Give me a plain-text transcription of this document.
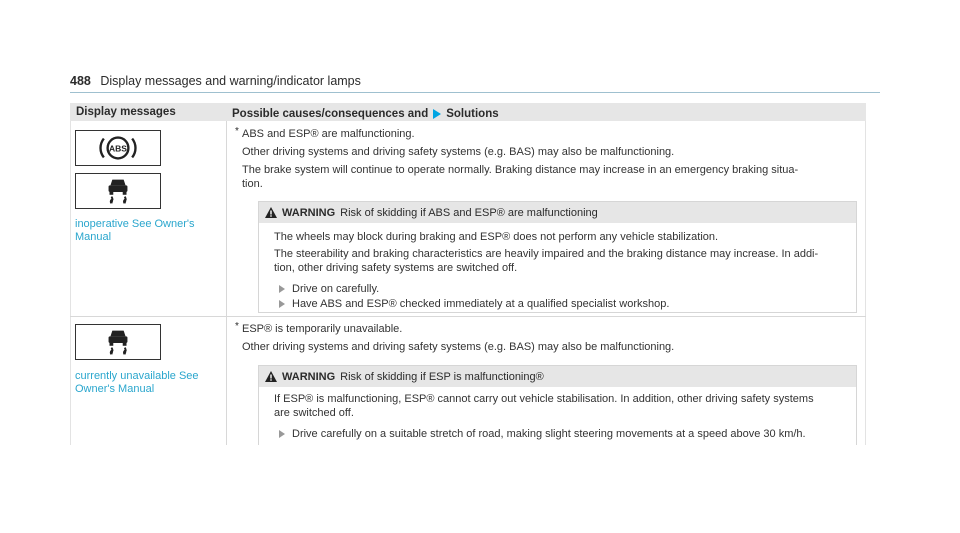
488 Display messages and warning/indicator lamps
Display messages	Possible causes/consequences and Solutions
ABS
inoperative See Owner's
Manual
* ABS and ESP® are malfunctioning.
Other driving systems and driving safety systems (e.g. BAS) may also be malfunctioning.
The brake system will continue to operate normally. Braking distance may increase in an emergency braking situa-
tion.
WARNING Risk of skidding if ABS and ESP® are malfunctioning
The wheels may block during braking and ESP® does not perform any vehicle stabilization.
The steerability and braking characteristics are heavily impaired and the braking distance may increase. In addi-
tion, other driving safety systems are switched off.
Drive on carefully.
Have ABS and ESP® checked immediately at a qualified specialist workshop.
currently unavailable See
Owner's Manual
* ESP® is temporarily unavailable.
Other driving systems and driving safety systems (e.g. BAS) may also be malfunctioning.
WARNING Risk of skidding if ESP is malfunctioning®
If ESP® is malfunctioning, ESP® cannot carry out vehicle stabilisation. In addition, other driving safety systems
are switched off.
Drive carefully on a suitable stretch of road, making slight steering movements at a speed above 30 km/h.
